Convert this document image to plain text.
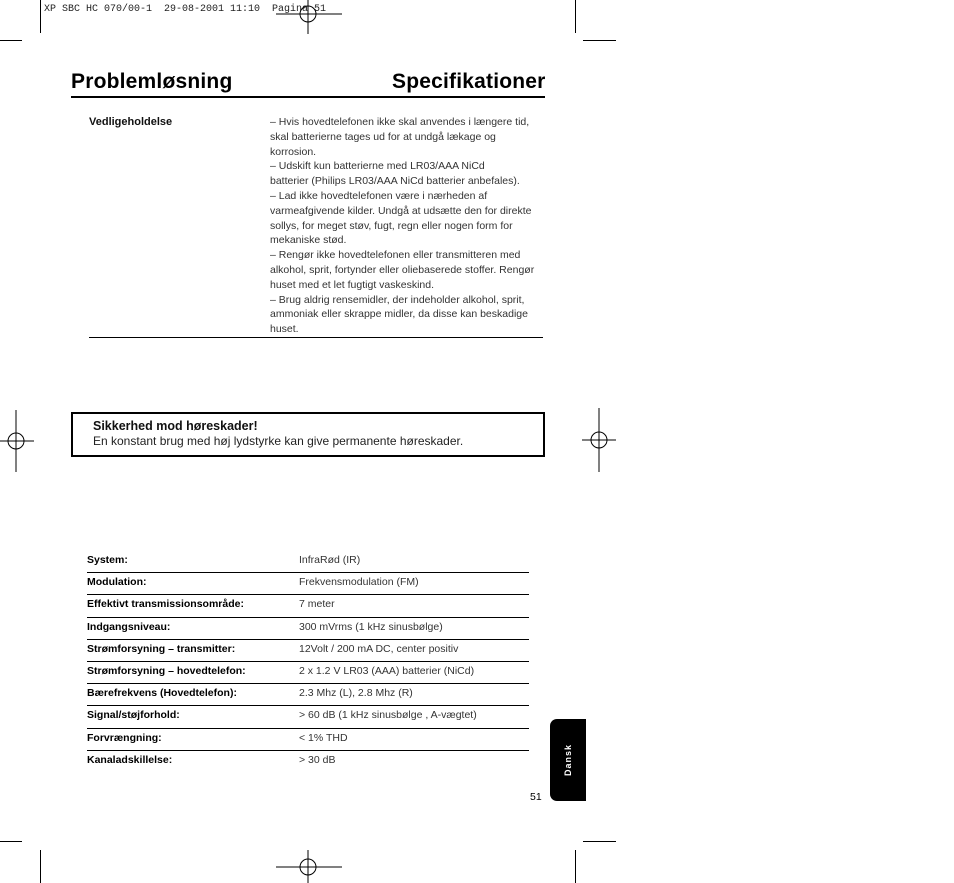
XP SBC HC 070/00-1  29-08-2001 11:10  Pagina 51
Problemløsning	Specifikationer
Vedligeholdelse	– Hvis hovedtelefonen ikke skal anvendes i længere tid,

skal batterierne tages ud for at undgå lækage og

korrosion.

– Udskift kun batterierne med LR03/AAA NiCd

batterier (Philips LR03/AAA NiCd batterier anbefales).

– Lad ikke hovedtelefonen være i nærheden af

varmeafgivende kilder. Undgå at udsætte den for direkte

sollys, for meget støv, fugt, regn eller nogen form for

mekaniske stød.

– Rengør ikke hovedtelefonen eller transmitteren med

alkohol, sprit, fortynder eller oliebaserede stoffer. Rengør

huset med et let fugtigt vaskeskind.

– Brug aldrig rensemidler, der indeholder alkohol, sprit,

ammoniak eller skrappe midler, da disse kan beskadige

huset.

Sikkerhed mod høreskader!
En konstant brug med høj lydstyrke kan give permanente høreskader.
System:	InfraRød (IR)
Modulation:	Frekvensmodulation (FM)
Effektivt transmissionsområde:	7 meter
Indgangsniveau:	300 mVrms (1 kHz sinusbølge)
Strømforsyning – transmitter:	12Volt / 200 mA DC, center positiv
Strømforsyning – hovedtelefon:	2 x 1.2 V LR03 (AAA) batterier (NiCd)
Bærefrekvens (Hovedtelefon):	2.3 Mhz (L), 2.8 Mhz (R)
Signal/støjforhold:	> 60 dB (1 kHz sinusbølge , A-vægtet)
Forvrængning:	< 1% THD
Kanaladskillelse:	> 30 dB	Dansk
51
